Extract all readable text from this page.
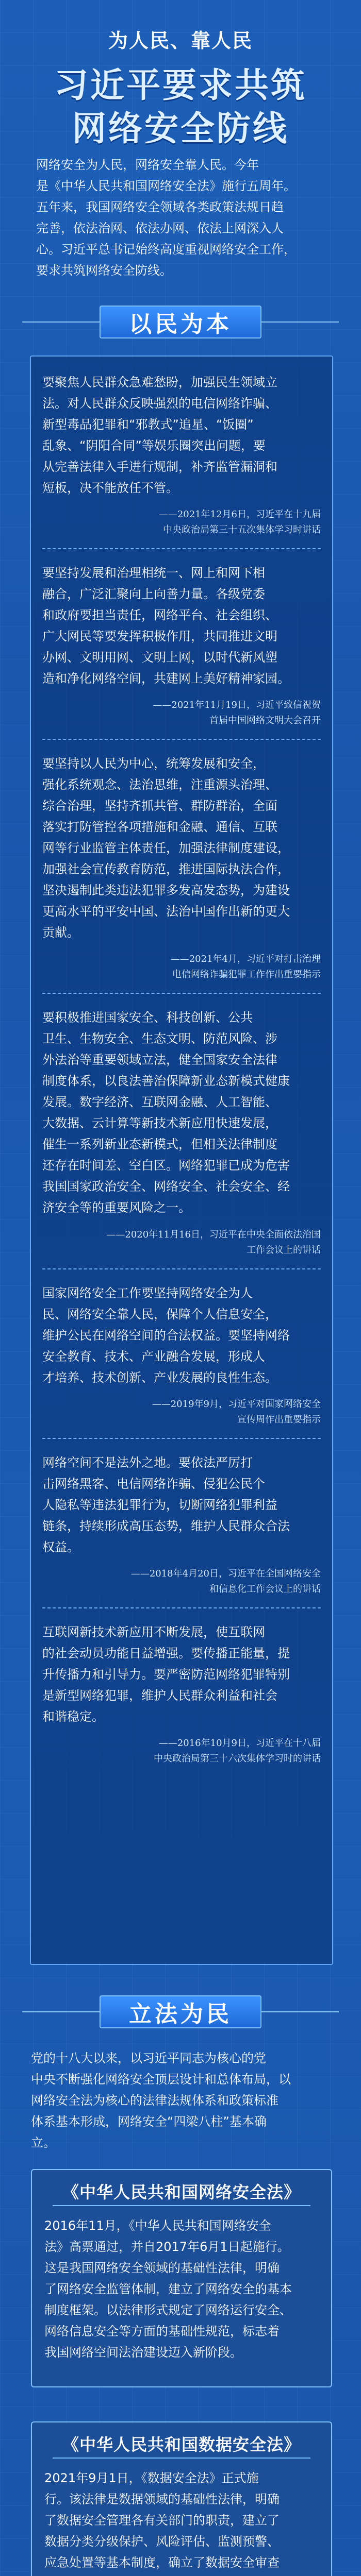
为人民、靠人民
习近平要求共筑
网络安全防线
网络安全为人民，网络安全靠人民。今年
是《中华人民共和国网络安全法》施行五周年。
五年来，我国网络安全领域各类政策法规日趋
完善，依法治网、依法办网、依法上网深入人
心。习近平总书记始终高度重视网络安全工作，
要求共筑网络安全防线。
以民为本
要聚焦人民群众急难愁盼，加强民生领域立
法。对人民群众反映强烈的电信网络诈骗、
新型毒品犯罪和“邪教式”追星、“饭圈”
乱象、“阴阳合同”等娱乐圈突出问题，要
从完善法律入手进行规制，补齐监管漏洞和
短板，决不能放任不管。
——2021年12月6日，习近平在十九届
中央政治局第三十五次集体学习时讲话
要坚持发展和治理相统一、网上和网下相
融合，广泛汇聚向上向善力量。各级党委
和政府要担当责任，网络平台、社会组织、
广大网民等要发挥积极作用，共同推进文明
办网、文明用网、文明上网，以时代新风塑
造和净化网络空间，共建网上美好精神家园。
——2021年11月19日，习近平致信祝贺
首届中国网络文明大会召开
要坚持以人民为中心，统筹发展和安全，
强化系统观念、法治思维，注重源头治理、
综合治理，坚持齐抓共管、群防群治，全面
落实打防管控各项措施和金融、通信、互联
网等行业监管主体责任，加强法律制度建设，
加强社会宣传教育防范，推进国际执法合作，
坚决遏制此类违法犯罪多发高发态势，为建设
更高水平的平安中国、法治中国作出新的更大
贡献。
——2021年4月，习近平对打击治理
电信网络诈骗犯罪工作作出重要指示
要积极推进国家安全、科技创新、公共
卫生、生物安全、生态文明、防范风险、涉
外法治等重要领域立法，健全国家安全法律
制度体系，以良法善治保障新业态新模式健康
发展。数字经济、互联网金融、人工智能、
大数据、云计算等新技术新应用快速发展，
催生一系列新业态新模式，但相关法律制度
还存在时间差、空白区。网络犯罪已成为危害
我国国家政治安全、网络安全、社会安全、经
济安全等的重要风险之一。
——2020年11月16日，习近平在中央全面依法治国
工作会议上的讲话
国家网络安全工作要坚持网络安全为人
民、网络安全靠人民，保障个人信息安全，
维护公民在网络空间的合法权益。要坚持网络
安全教育、技术、产业融合发展，形成人
才培养、技术创新、产业发展的良性生态。
——2019年9月，习近平对国家网络安全
宣传周作出重要指示
网络空间不是法外之地。要依法严厉打
击网络黑客、电信网络诈骗、侵犯公民个
人隐私等违法犯罪行为，切断网络犯罪利益
链条，持续形成高压态势，维护人民群众合法
权益。
——2018年4月20日，习近平在全国网络安全
和信息化工作会议上的讲话
互联网新技术新应用不断发展，使互联网
的社会动员功能日益增强。要传播正能量，提
升传播力和引导力。要严密防范网络犯罪特别
是新型网络犯罪，维护人民群众利益和社会
和谐稳定。
——2016年10月9日，习近平在十八届
中央政治局第三十六次集体学习时的讲话
立法为民
党的十八大以来，以习近平同志为核心的党
中央不断强化网络安全顶层设计和总体布局，以
网络安全法为核心的法律法规体系和政策标准
体系基本形成，网络安全“四梁八柱”基本确
立。
《中华人民共和国网络安全法》
2016年11月，《中华人民共和国网络安全
法》高票通过，并自2017年6月1日起施行。
这是我国网络安全领域的基础性法律，明确
了网络安全监管体制，建立了网络安全的基本
制度框架。以法律形式规定了网络运行安全、
网络信息安全等方面的基础性规范，标志着
我国网络空间法治建设迈入新阶段。
《中华人民共和国数据安全法》
2021年9月1日，《数据安全法》正式施
行。该法律是数据领域的基础性法律，明确
了数据安全管理各有关部门的职责，建立了
数据分类分级保护、风险评估、监测预警、
应急处置等基本制度，确立了数据安全审查
